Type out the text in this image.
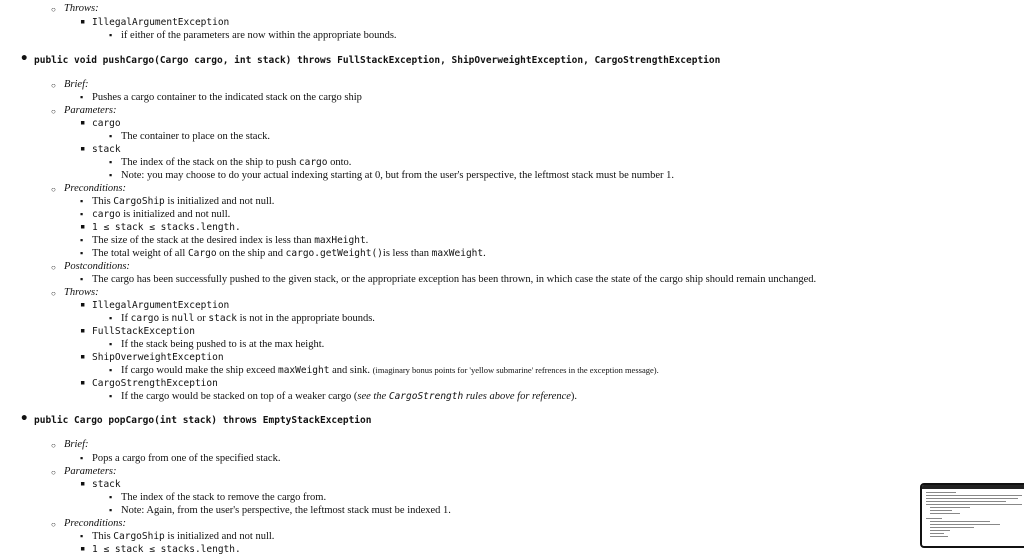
○ Throws:
▪ IllegalArgumentException
▪ if either of the parameters are now within the appropriate bounds.
• public void pushCargo(Cargo cargo, int stack) throws FullStackException, ShipOverweightException, CargoStrengthException
○ Brief:
▪ Pushes a cargo container to the indicated stack on the cargo ship
○ Parameters:
▪ cargo
▪ The container to place on the stack.
▪ stack
▪ The index of the stack on the ship to push cargo onto.
▪ Note: you may choose to do your actual indexing starting at 0, but from the user's perspective, the leftmost stack must be number 1.
○ Preconditions:
▪ This CargoShip is initialized and not null.
▪ cargo is initialized and not null.
▪ 1 ≤ stack ≤ stacks.length.
▪ The size of the stack at the desired index is less than maxHeight.
▪ The total weight of all Cargo on the ship and cargo.getWeight()is less than maxWeight.
○ Postconditions:
▪ The cargo has been successfully pushed to the given stack, or the appropriate exception has been thrown, in which case the state of the cargo ship should remain unchanged.
○ Throws:
▪ IllegalArgumentException
▪ If cargo is null or stack is not in the appropriate bounds.
▪ FullStackException
▪ If the stack being pushed to is at the max height.
▪ ShipOverweightException
▪ If cargo would make the ship exceed maxWeight and sink. (imaginary bonus points for 'yellow submarine' refrences in the exception message).
▪ CargoStrengthException
▪ If the cargo would be stacked on top of a weaker cargo (see the CargoStrength rules above for reference).
• public Cargo popCargo(int stack) throws EmptyStackException
○ Brief:
▪ Pops a cargo from one of the specified stack.
○ Parameters:
▪ stack
▪ The index of the stack to remove the cargo from.
▪ Note: Again, from the user's perspective, the leftmost stack must be indexed 1.
○ Preconditions:
▪ This CargoShip is initialized and not null.
▪ 1 ≤ stack ≤ stacks.length.
